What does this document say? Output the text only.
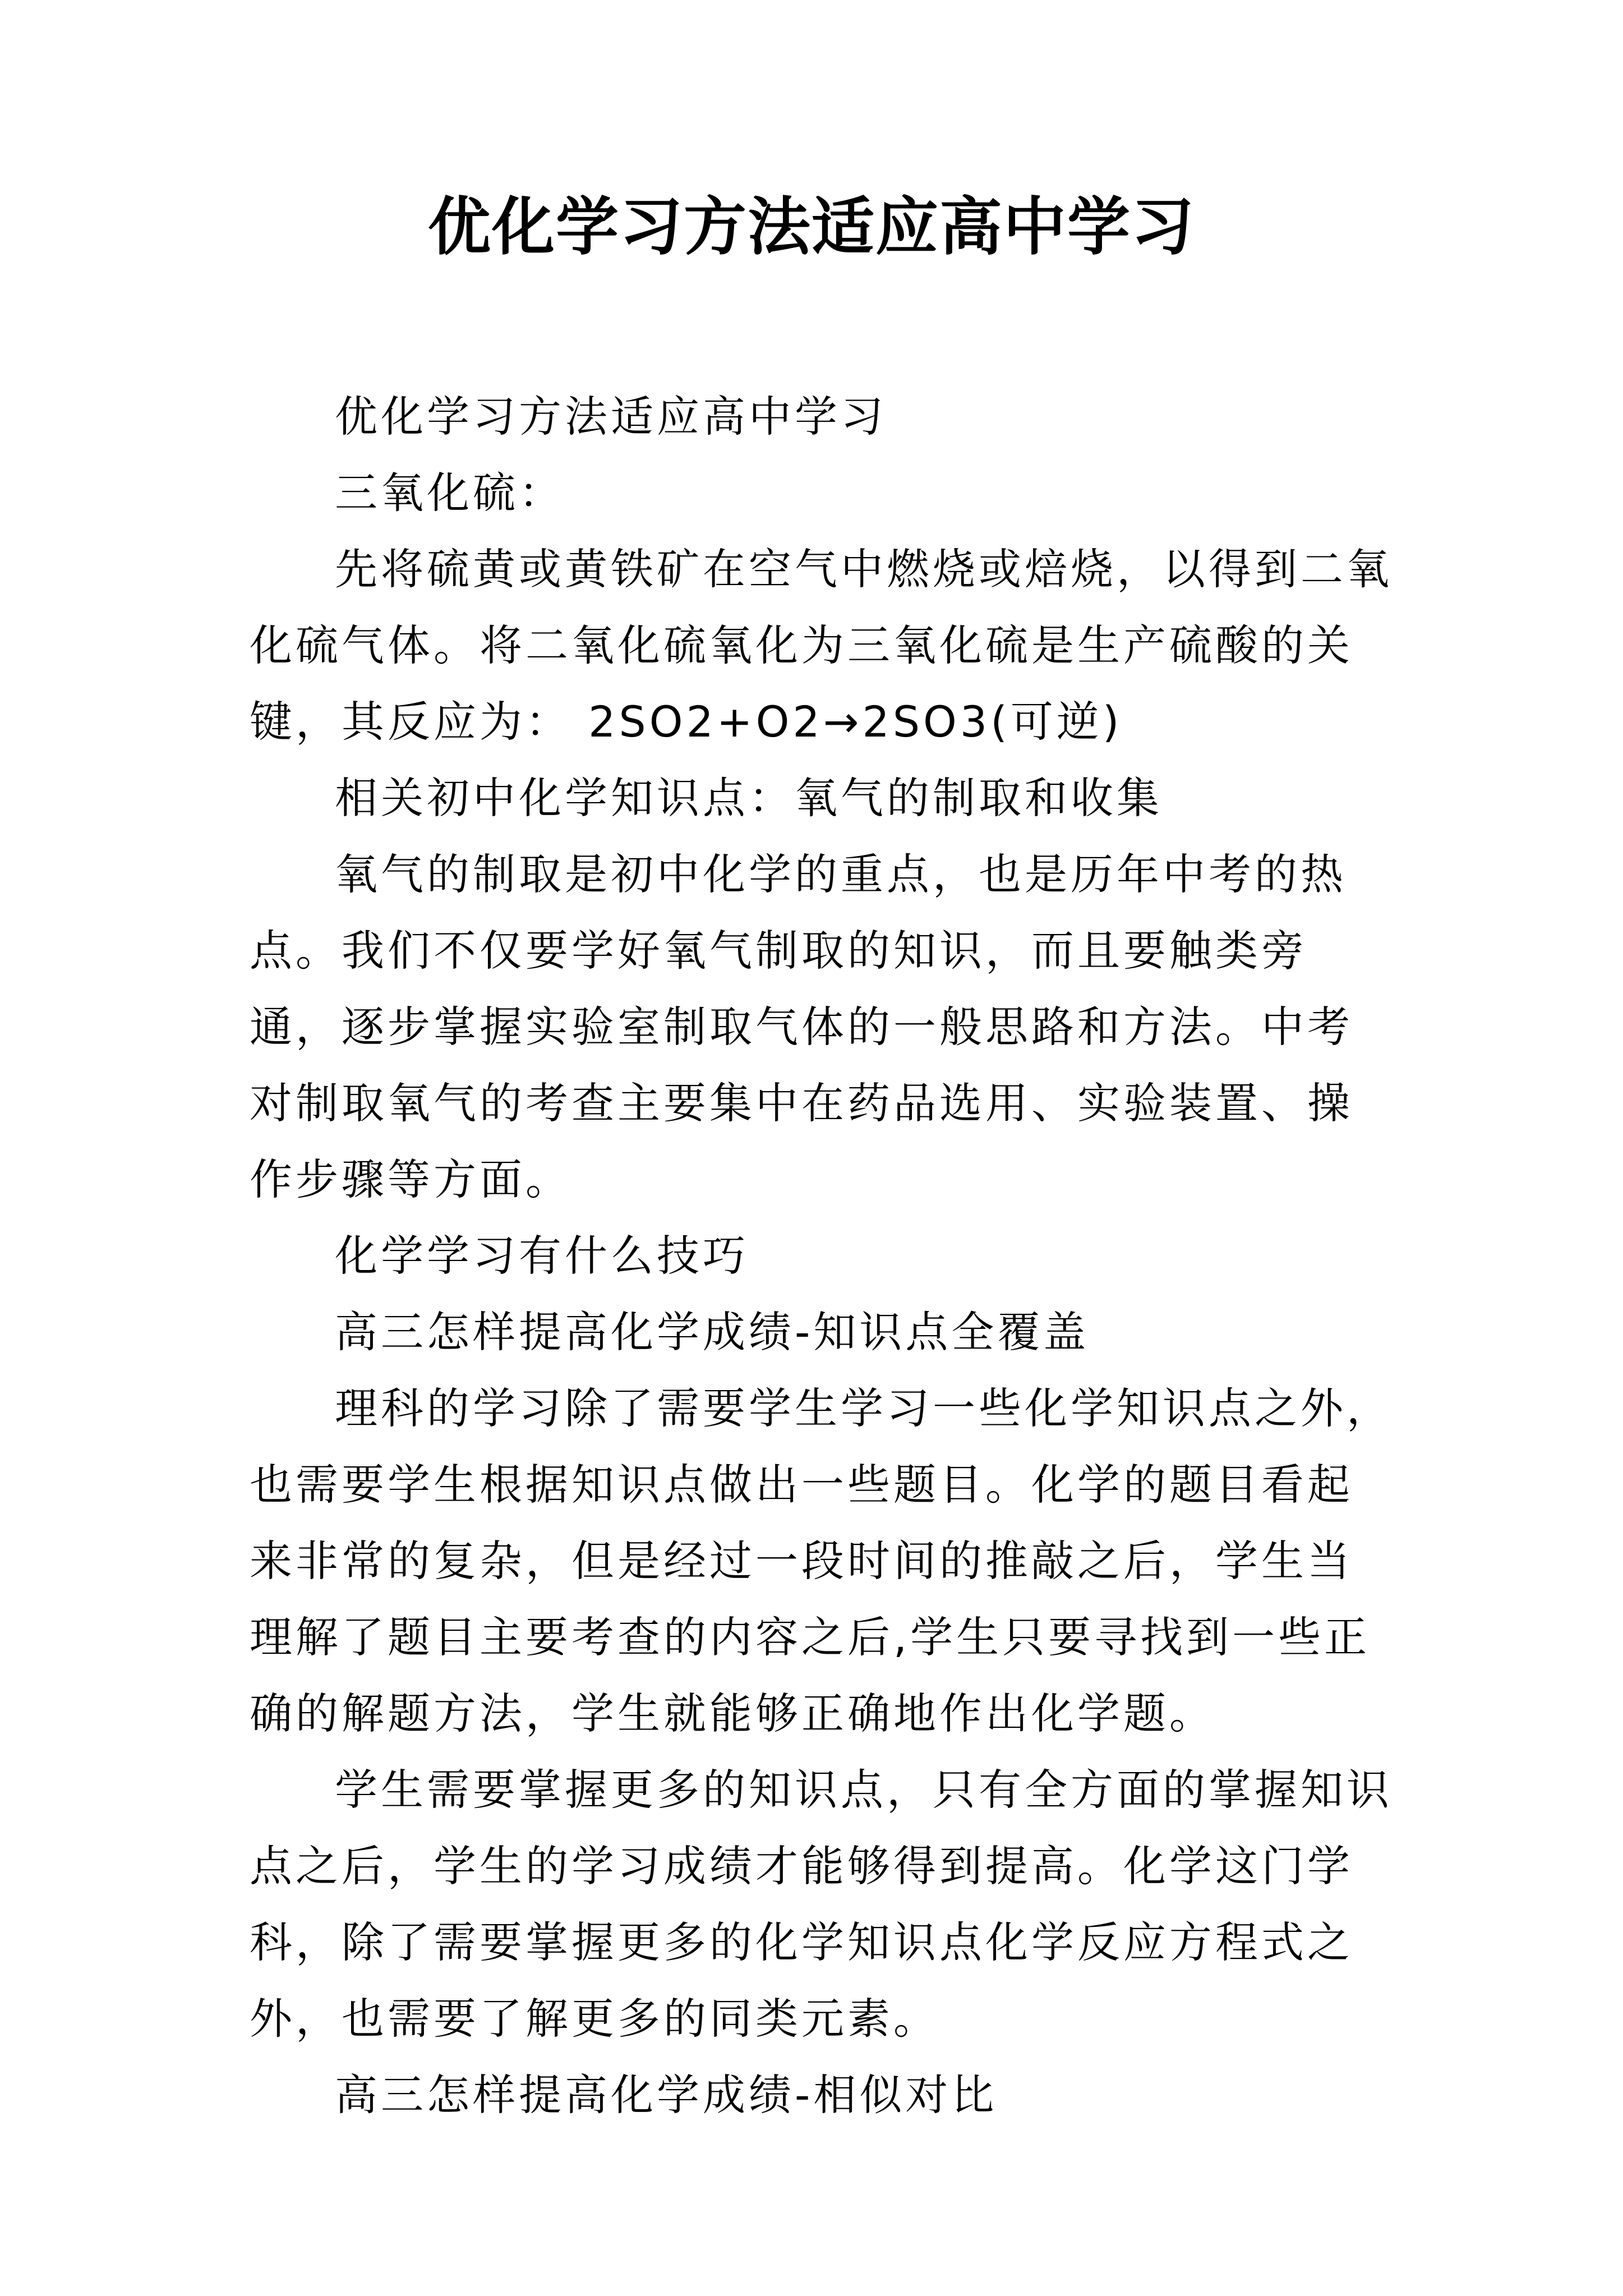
优化学习方法适应高中学习

优化学习方法适应高中学习

三氧化硫：

先将硫黄或黄铁矿在空气中燃烧或焙烧，以得到二氧化硫气体。将二氧化硫氧化为三氧化硫是生产硫酸的关键，其反应为： 2SO2+O2→2SO3(可逆)

相关初中化学知识点：氧气的制取和收集

氧气的制取是初中化学的重点，也是历年中考的热点。我们不仅要学好氧气制取的知识，而且要触类旁通，逐步掌握实验室制取气体的一般思路和方法。中考对制取氧气的考查主要集中在药品选用、实验装置、操作步骤等方面。

化学学习有什么技巧

高三怎样提高化学成绩-知识点全覆盖

理科的学习除了需要学生学习一些化学知识点之外，也需要学生根据知识点做出一些题目。化学的题目看起来非常的复杂，但是经过一段时间的推敲之后，学生当理解了题目主要考查的内容之后,学生只要寻找到一些正确的解题方法，学生就能够正确地作出化学题。

学生需要掌握更多的知识点，只有全方面的掌握知识点之后，学生的学习成绩才能够得到提高。化学这门学科，除了需要掌握更多的化学知识点化学反应方程式之外，也需要了解更多的同类元素。

高三怎样提高化学成绩-相似对比
